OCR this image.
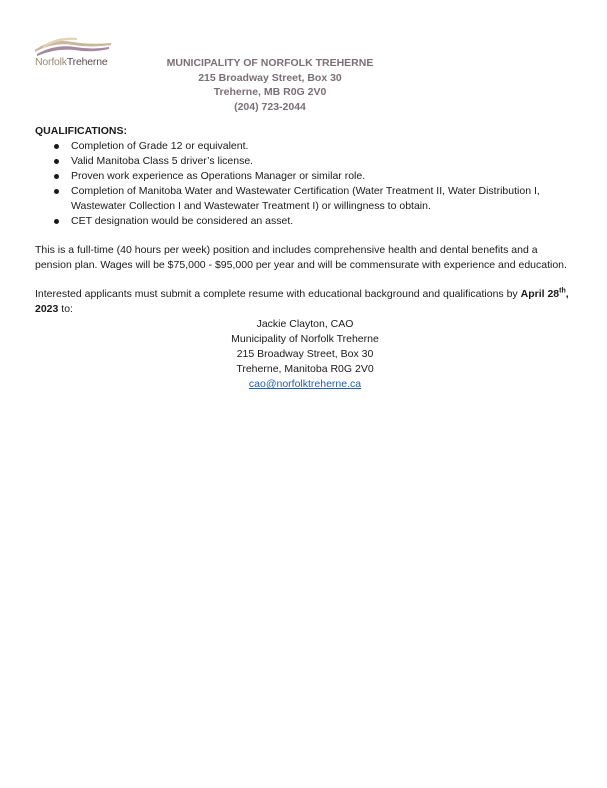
NorfolkTreherne	MUNICIPALITY OF NORFOLK TREHERNE
215 Broadway Street, Box 30
Treherne, MB R0G 2V0
(204) 723-2044
QUALIFICATIONS:
Completion of Grade 12 or equivalent.
Valid Manitoba Class 5 driver’s license.
Proven work experience as Operations Manager or similar role.
Completion of Manitoba Water and Wastewater Certification (Water Treatment II, Water Distribution I, Wastewater Collection I and Wastewater Treatment I) or willingness to obtain.
CET designation would be considered an asset.
This is a full-time (40 hours per week) position and includes comprehensive health and dental benefits and a pension plan. Wages will be $75,000 - $95,000 per year and will be commensurate with experience and education.
Interested applicants must submit a complete resume with educational background and qualifications by April 28th, 2023 to:
Jackie Clayton, CAO
Municipality of Norfolk Treherne
215 Broadway Street, Box 30
Treherne, Manitoba R0G 2V0
cao@norfolktreherne.ca
